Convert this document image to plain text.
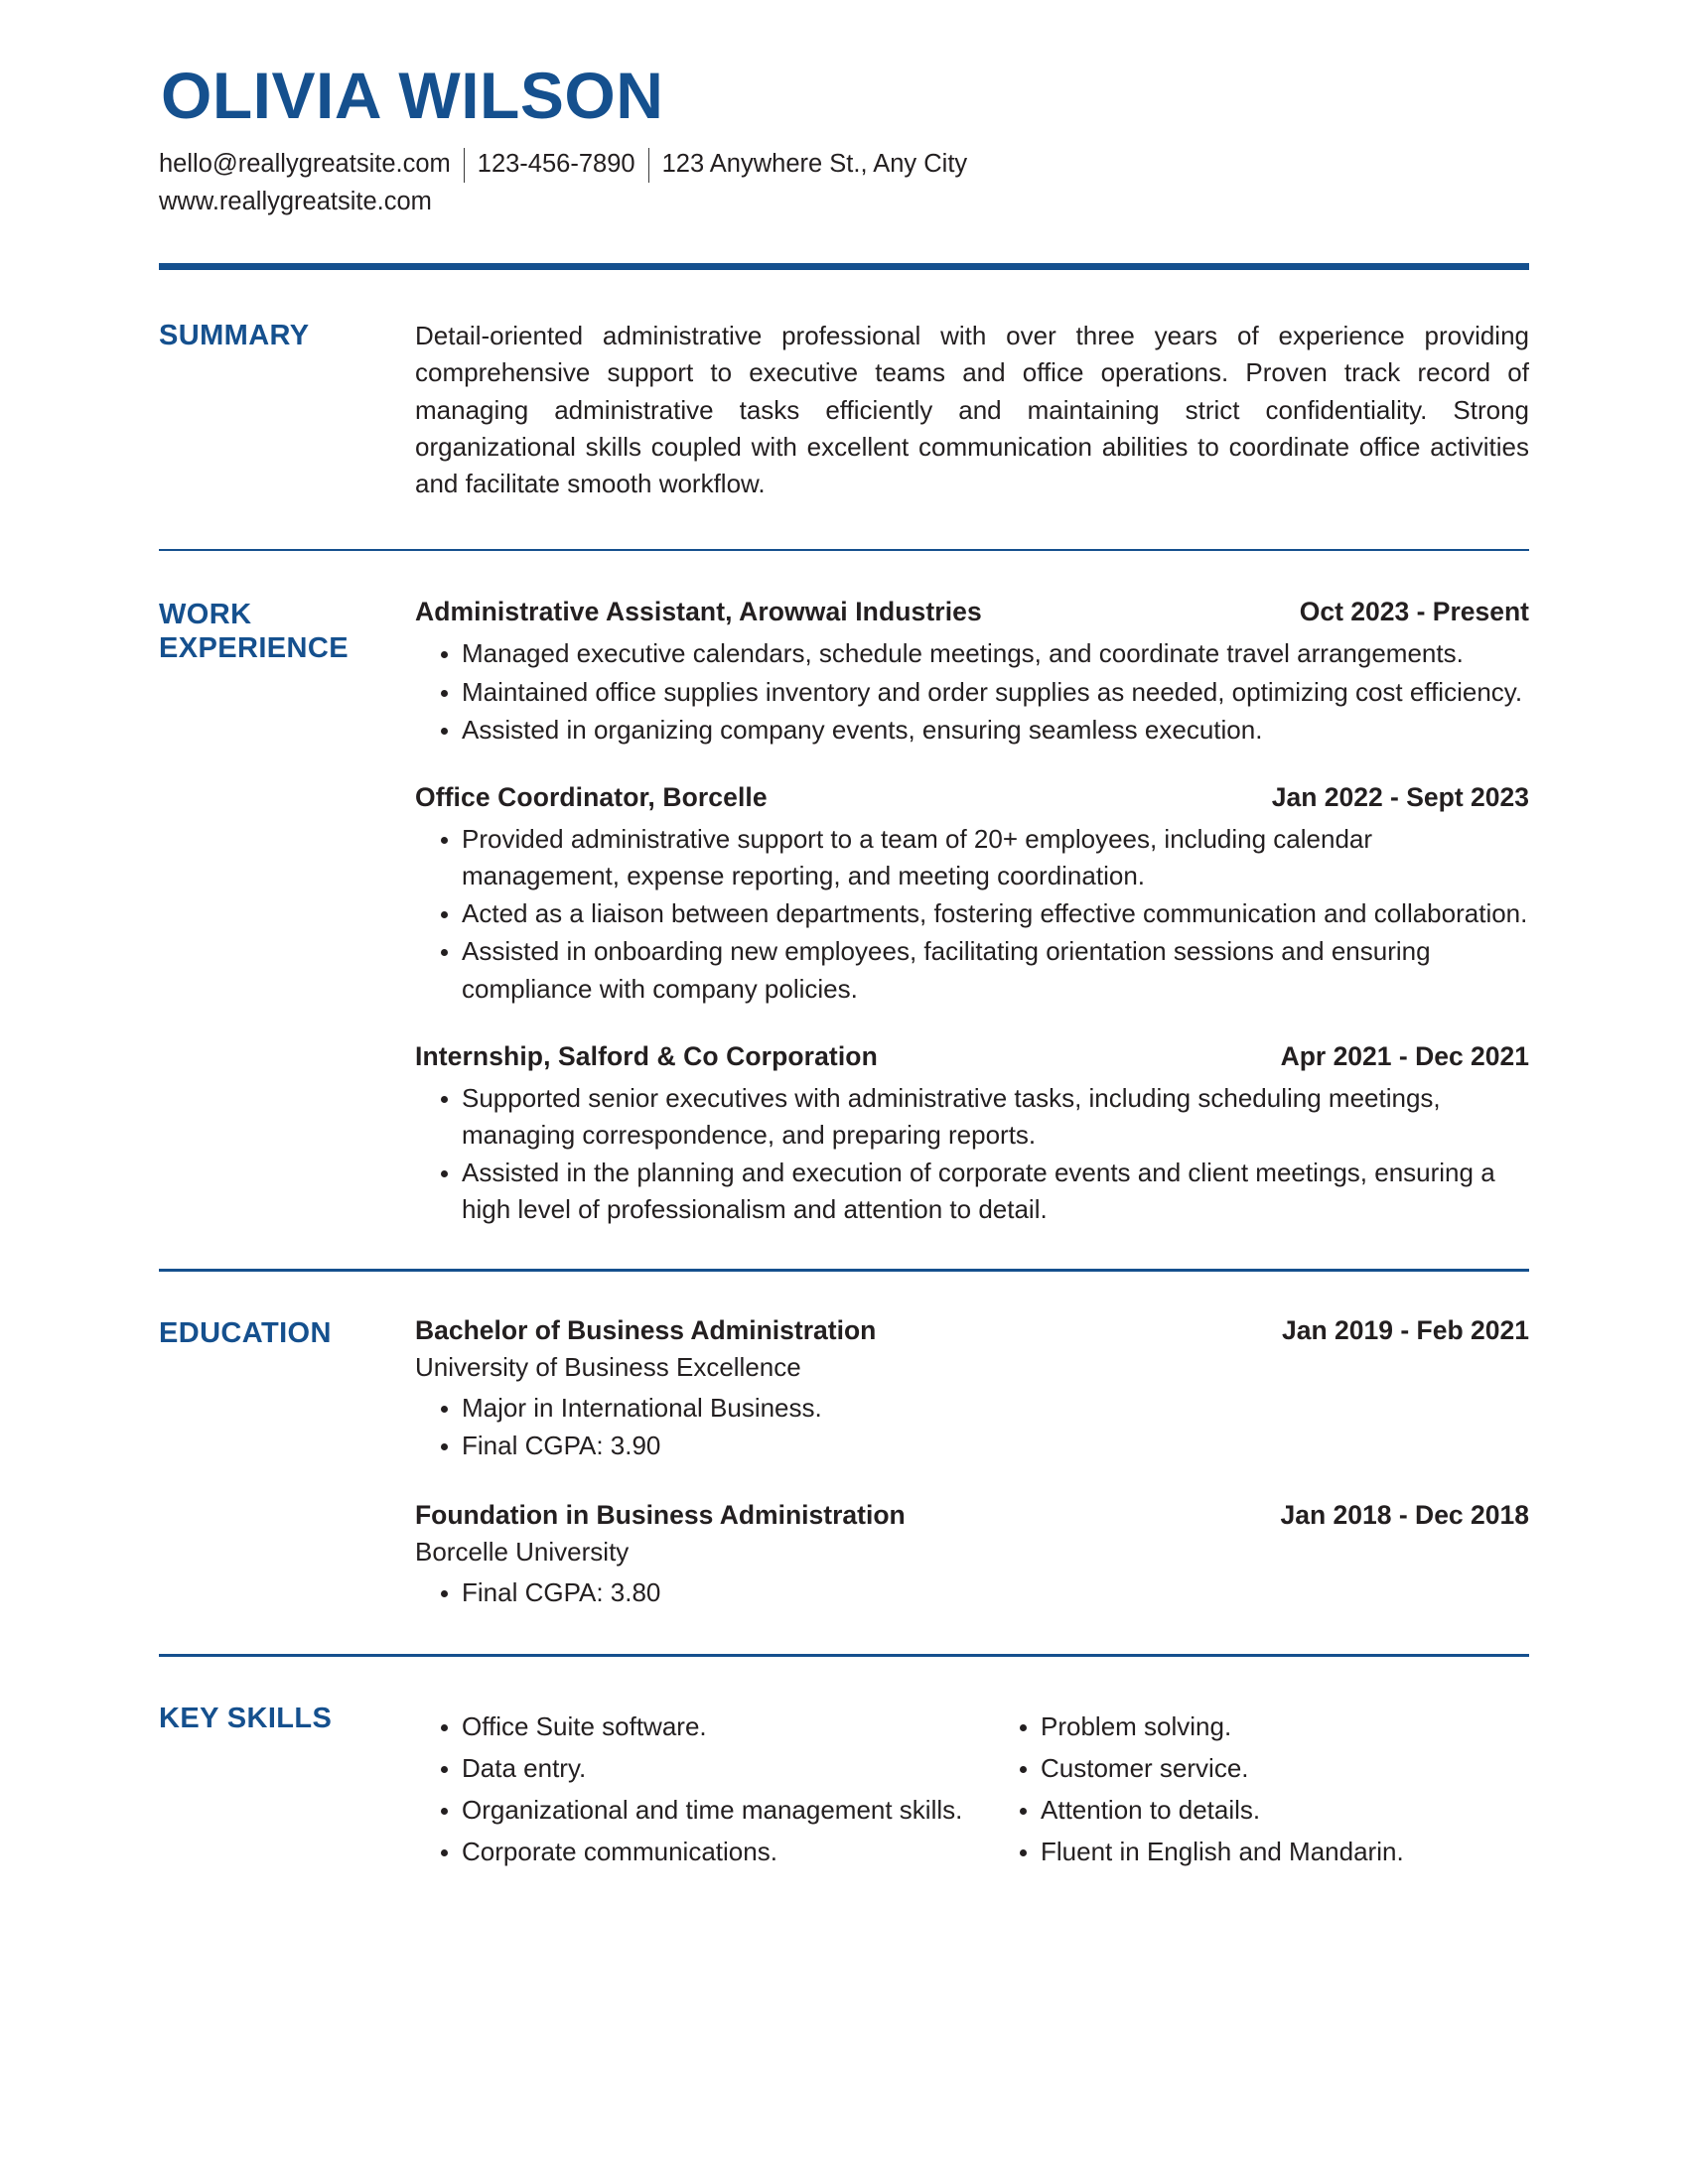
OLIVIA WILSON
hello@reallygreatsite.com 123-456-7890 123 Anywhere St., Any City
www.reallygreatsite.com
SUMMARY	Detail-oriented administrative professional with over three years of experience providing comprehensive support to executive teams and office operations. Proven track record of managing administrative tasks efficiently and maintaining strict confidentiality. Strong organizational skills coupled with excellent communication abilities to coordinate office activities and facilitate smooth workflow.

WORK
EXPERIENCE
Administrative Assistant, Arowwai Industries	Oct 2023 - Present
Managed executive calendars, schedule meetings, and coordinate travel arrangements.
Maintained office supplies inventory and order supplies as needed, optimizing cost efficiency.
Assisted in organizing company events, ensuring seamless execution.
Office Coordinator, Borcelle	Jan 2022 - Sept 2023
Provided administrative support to a team of 20+ employees, including calendar management, expense reporting, and meeting coordination.
Acted as a liaison between departments, fostering effective communication and collaboration.
Assisted in onboarding new employees, facilitating orientation sessions and ensuring compliance with company policies.
Internship, Salford & Co Corporation	Apr 2021 - Dec 2021
Supported senior executives with administrative tasks, including scheduling meetings, managing correspondence, and preparing reports.
Assisted in the planning and execution of corporate events and client meetings, ensuring a high level of professionalism and attention to detail.
EDUCATION	Bachelor of Business Administration	Jan 2019 - Feb 2021
University of Business Excellence
Major in International Business.
Final CGPA: 3.90
Foundation in Business Administration	Jan 2018 - Dec 2018
Borcelle University
Final CGPA: 3.80
KEY SKILLS	Office Suite software.
Data entry.
Organizational and time management skills.
Corporate communications.
Problem solving.
Customer service.
Attention to details.
Fluent in English and Mandarin.
